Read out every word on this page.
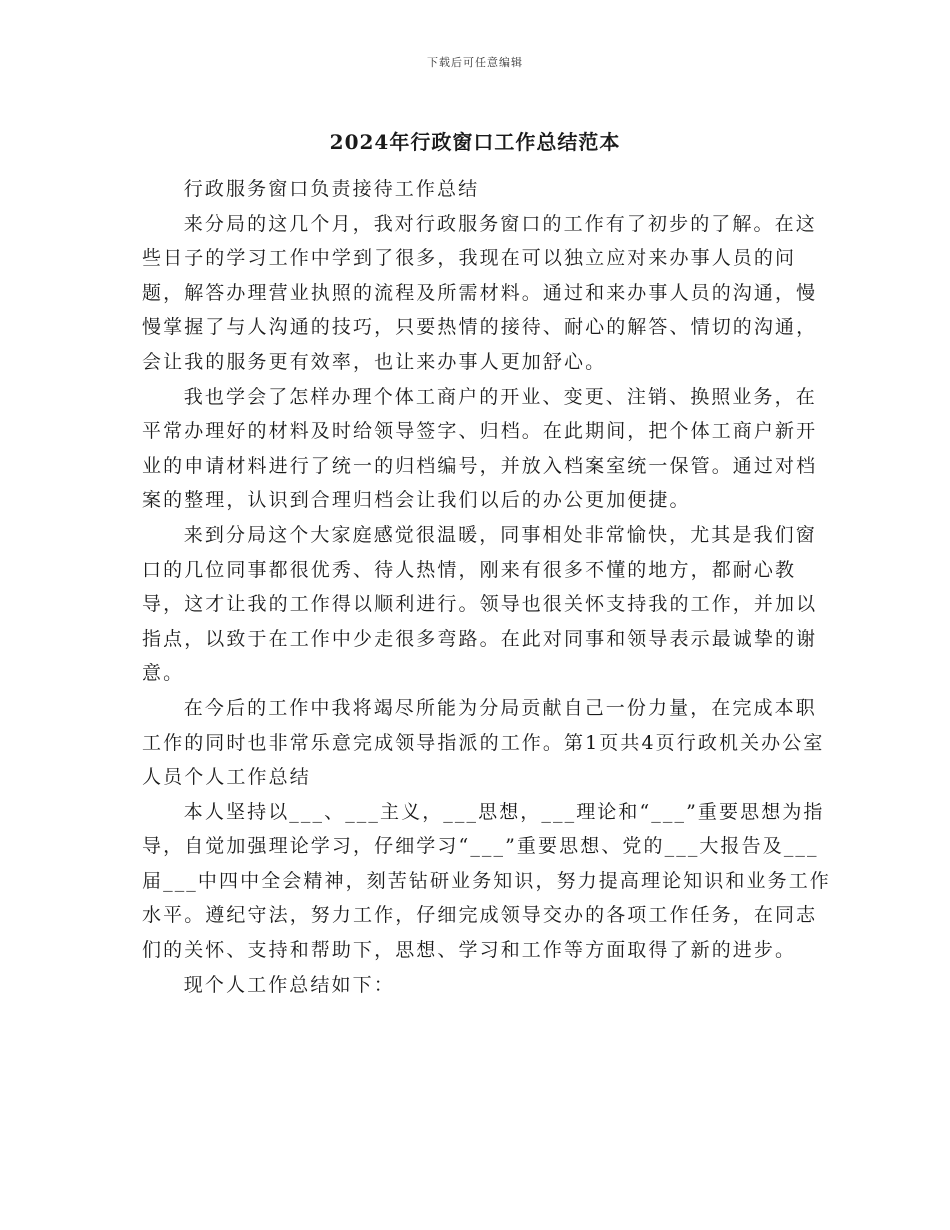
下载后可任意编辑
2024年行政窗口工作总结范本

行政服务窗口负责接待工作总结

来分局的这几个月，我对行政服务窗口的工作有了初步的了解。在这些日子的学习工作中学到了很多，我现在可以独立应对来办事人员的问题，解答办理营业执照的流程及所需材料。通过和来办事人员的沟通，慢慢掌握了与人沟通的技巧，只要热情的接待、耐心的解答、情切的沟通，会让我的服务更有效率，也让来办事人更加舒心。

我也学会了怎样办理个体工商户的开业、变更、注销、换照业务，在平常办理好的材料及时给领导签字、归档。在此期间，把个体工商户新开业的申请材料进行了统一的归档编号，并放入档案室统一保管。通过对档案的整理，认识到合理归档会让我们以后的办公更加便捷。

来到分局这个大家庭感觉很温暖，同事相处非常愉快，尤其是我们窗口的几位同事都很优秀、待人热情，刚来有很多不懂的地方，都耐心教导，这才让我的工作得以顺利进行。领导也很关怀支持我的工作，并加以指点，以致于在工作中少走很多弯路。在此对同事和领导表示最诚挚的谢意。

在今后的工作中我将竭尽所能为分局贡献自己一份力量，在完成本职工作的同时也非常乐意完成领导指派的工作。第1页共4页行政机关办公室人员个人工作总结

本人坚持以___、___主义，___思想，___理论和“___”重要思想为指导，自觉加强理论学习，仔细学习“___”重要思想、党的___大报告及___届___中四中全会精神，刻苦钻研业务知识，努力提高理论知识和业务工作水平。遵纪守法，努力工作，仔细完成领导交办的各项工作任务，在同志们的关怀、支持和帮助下，思想、学习和工作等方面取得了新的进步。

现个人工作总结如下：
